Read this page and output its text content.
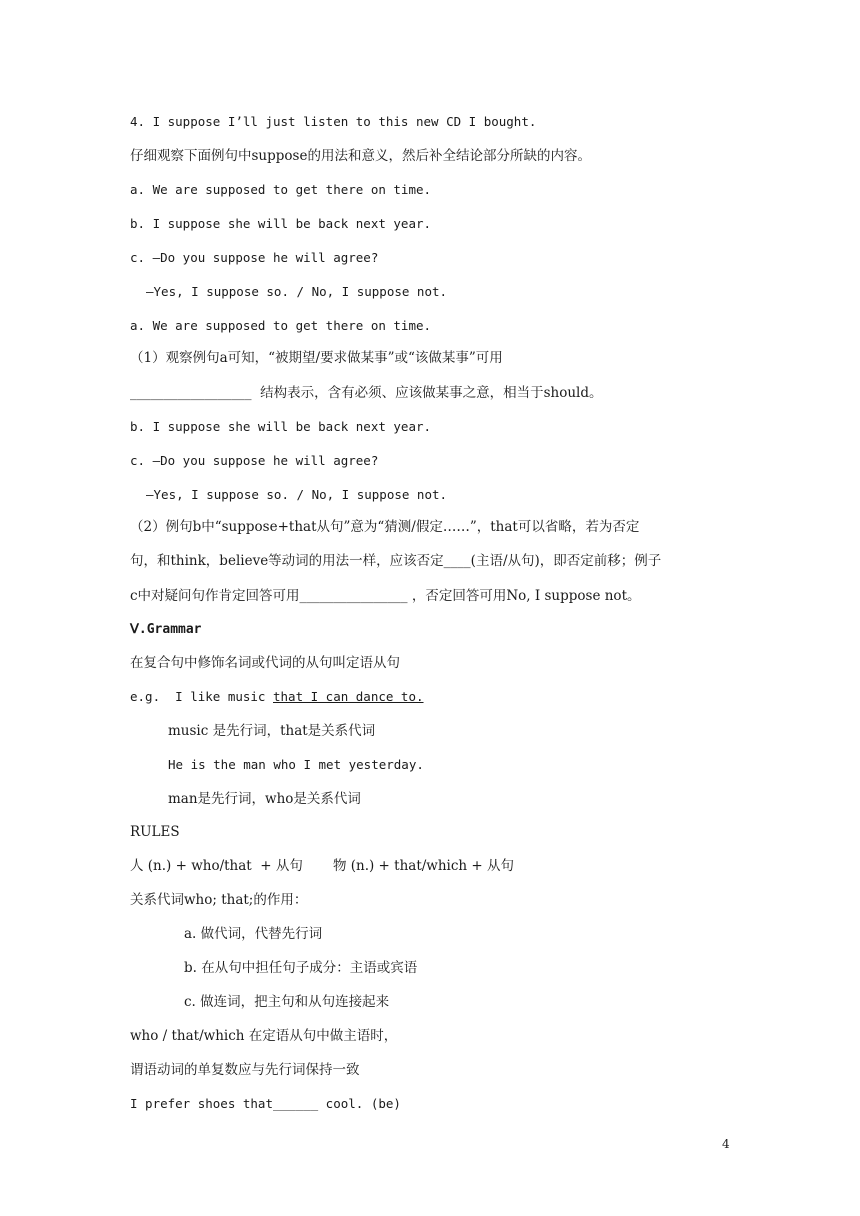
4. I suppose I’ll just listen to this new CD I bought.
仔细观察下面例句中suppose的用法和意义，然后补全结论部分所缺的内容。
a. We are supposed to get there on time.
b. I suppose she will be back next year.
c. —Do you suppose he will agree?
—Yes, I suppose so. / No, I suppose not.
a. We are supposed to get there on time.
（1）观察例句a可知，“被期望/要求做某事”或“该做某事”可用
__________________  结构表示，含有必须、应该做某事之意，相当于should。
b. I suppose she will be back next year.
c. —Do you suppose he will agree?
—Yes, I suppose so. / No, I suppose not.
（2）例句b中“suppose+that从句”意为“猜测/假定……”，that可以省略，若为否定
句，和think，believe等动词的用法一样，应该否定____(主语/从句)，即否定前移；例子
c中对疑问句作肯定回答可用________________ ，否定回答可用No, I suppose not。
Ⅴ.Grammar
在复合句中修饰名词或代词的从句叫定语从句
e.g.  I like music that I can dance to.
music 是先行词，that是关系代词
He is the man who I met yesterday.
man是先行词，who是关系代词
RULES
人 (n.) + who/that  + 从句       物 (n.) + that/which + 从句
关系代词who; that;的作用：
a. 做代词，代替先行词
b. 在从句中担任句子成分：主语或宾语
c. 做连词，把主句和从句连接起来
who / that/which 在定语从句中做主语时，
谓语动词的单复数应与先行词保持一致
I prefer shoes that______ cool. (be)
4
